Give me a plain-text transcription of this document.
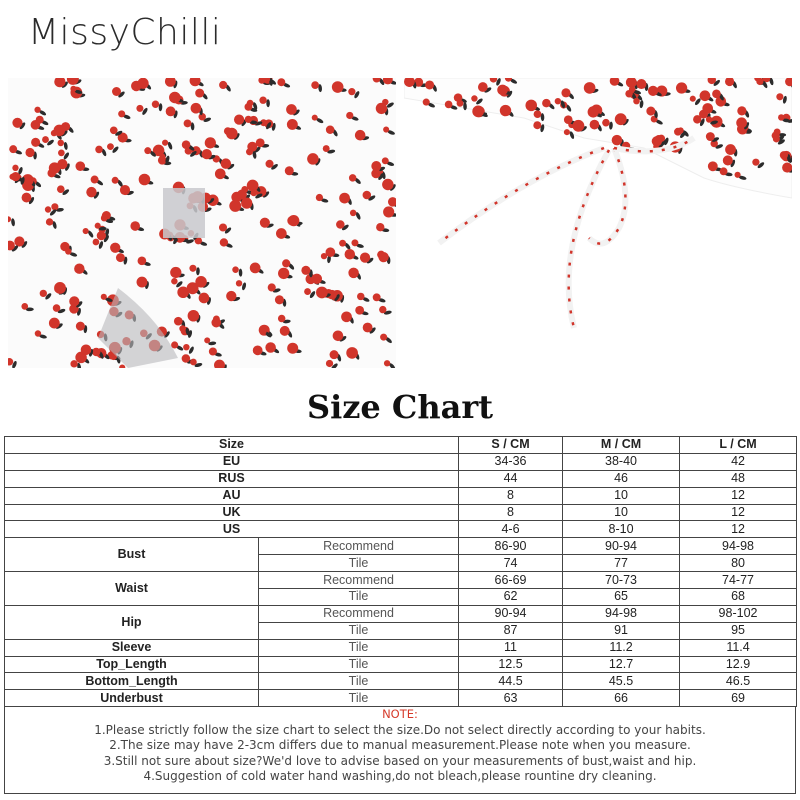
MissyChilli
Size Chart
Size		S / CM	M / CM	L / CM
EU		34-36	38-40	42
RUS		44	46	48
AU		8	10	12
UK		8	10	12
US		4-6	8-10	12
Bust	Recommend	86-90	90-94	94-98
	Tile	74	77	80
Waist	Recommend	66-69	70-73	74-77
	Tile	62	65	68
Hip	Recommend	90-94	94-98	98-102
	Tile	87	91	95
Sleeve	Tile	11	11.2	11.4
Top_Length	Tile	12.5	12.7	12.9
Bottom_Length	Tile	44.5	45.5	46.5
Underbust	Tile	63	66	69
NOTE:
1.Please strictly follow the size chart to select the size.Do not select directly according to your habits.
2.The size may have 2-3cm differs due to manual measurement.Please note when you measure.
3.Still not sure about size?We'd love to advise based on your measurements of bust,waist and hip.
4.Suggestion of cold water hand washing,do not bleach,please rountine dry cleaning.
